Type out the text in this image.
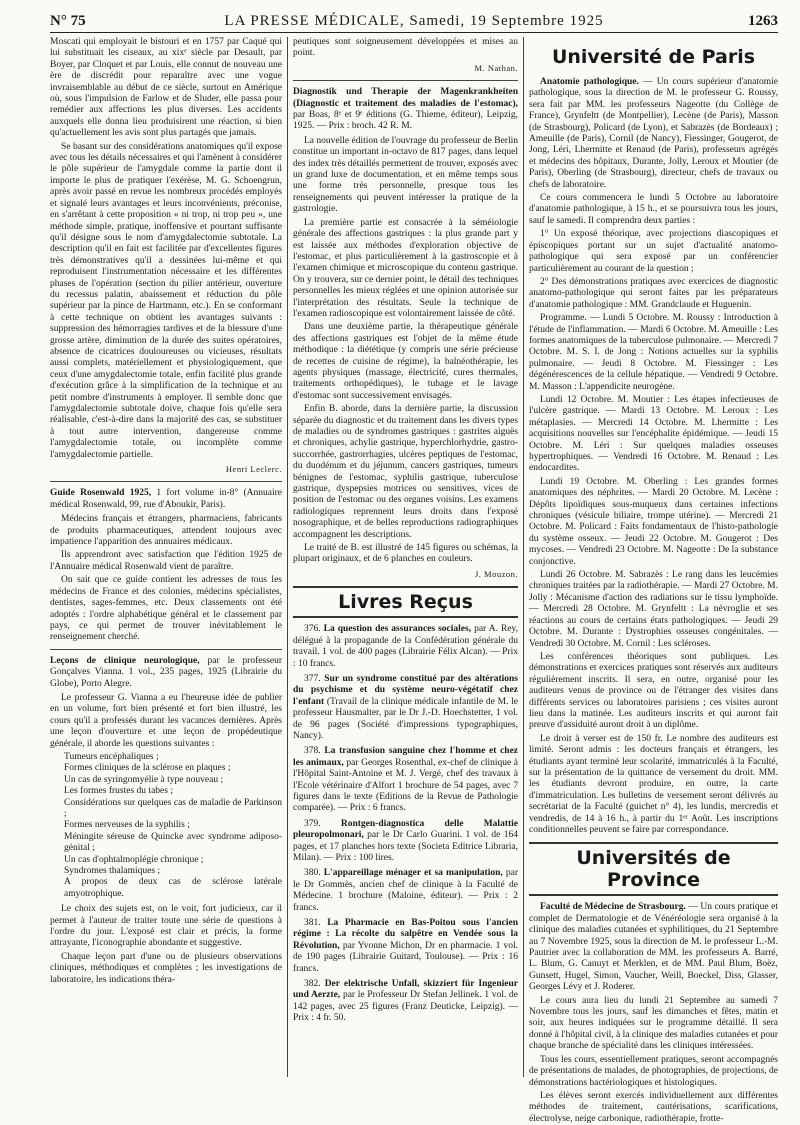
N° 75	LA PRESSE MÉDICALE, Samedi, 19 Septembre 1925	1263

Moscati qui employait le bistouri et en 1757 par Caqué qui lui substituait les ciseaux, au xixᵉ siècle par Desault, par Boyer, par Cloquet et par Louis, elle connut de nouveau une ère de discrédit pour reparaître avec une vogue invraisemblable au début de ce siècle, surtout en Amérique où, sous l'impulsion de Farlow et de Sluder, elle passa pour remédier aux affections les plus diverses. Les accidents auxquels elle donna lieu produisirent une réaction, si bien qu'actuellement les avis sont plus partagés que jamais.

Se basant sur des considérations anatomiques qu'il expose avec tous les détails nécessaires et qui l'amènent à considérer le pôle supérieur de l'amygdale comme la partie dont il importe le plus de pratiquer l'exérèse, M. G. Schoengrun, après avoir passé en revue les nombreux procédés employés et signalé leurs avantages et leurs inconvénients, préconise, en s'arrêtant à cette proposition « ni trop, ni trop peu », une méthode simple, pratique, inoffensive et pourtant suffisante qu'il désigne sous le nom d'amygdalectomie subtotale. La description qu'il en fait est facilitée par d'excellentes figures très démonstratives qu'il a dessinées lui-même et qui reproduisent l'instrumentation nécessaire et les différentes phases de l'opération (section du pilier antérieur, ouverture du recessus palatin, abaissement et réduction du pôle supérieur par la pince de Hartmann, etc.). En se conformant à cette technique on obtient les avantages suivants : suppression des hémorragies tardives et de la blessure d'une grosse artère, diminution de la durée des suites opératoires, absence de cicatrices douloureuses ou vicieuses, résultats aussi complets, matériellement et physiologiquement, que ceux d'une amygdalectomie totale, enfin facilité plus grande d'exécution grâce à la simplification de la technique et au petit nombre d'instruments à employer. Il semble donc que l'amygdalectomie subtotale doive, chaque fois qu'elle sera réalisable, c'est-à-dire dans la majorité des cas, se substituer à tout autre intervention, dangereuse comme l'amygdalectomie totale, ou incomplète comme l'amygdalectomie partielle.

Henri Leclerc.

Guide Rosenwald 1925, 1 fort volume in-8° (Annuaire médical Rosenwald, 99, rue d'Aboukir, Paris).

Médecins français et étrangers, pharmaciens, fabricants de produits pharmaceutiques, attendent toujours avec impatience l'apparition des annuaires médicaux.

Ils apprendront avec satisfaction que l'édition 1925 de l'Annuaire médical Rosenwald vient de paraître.

On sait que ce guide contient les adresses de tous les médecins de France et des colonies, médecins spécialistes, dentistes, sages-femmes, etc. Deux classements ont été adoptés : l'ordre alphabétique général et le classement par pays, ce qui permet de trouver inévitablement le renseignement cherché.

Leçons de clinique neurologique, par le professeur Gonçalves Vianna. 1 vol., 235 pages, 1925 (Librairie du Globe), Porto Alegre.

Le professeur G. Vianna a eu l'heureuse idée de publier en un volume, fort bien présenté et fort bien illustré, les cours qu'il a professés durant les vacances dernières. Après une leçon d'ouverture et une leçon de propédeutique générale, il aborde les questions suivantes :

Tumeurs encéphaliques ;
Formes cliniques de la sclérose en plaques ;
Un cas de syringomyélie à type nouveau ;
Les formes frustes du tabes ;
Considérations sur quelques cas de maladie de Parkinson ;
Formes nerveuses de la syphilis ;
Méningite séreuse de Quincke avec syndrome adiposo-génital ;
Un cas d'ophtalmoplégie chronique ;
Syndromes thalamiques ;
A propos de deux cas de sclérose latérale amyotrophique.

Le choix des sujets est, on le voit, fort judicieux, car il permet à l'auteur de traiter toute une série de questions à l'ordre du jour. L'exposé est clair et précis, la forme attrayante, l'iconographie abondante et suggestive.

Chaque leçon part d'une ou de plusieurs observations cliniques, méthodiques et complètes ; les investigations de laboratoire, les indications théra-

peutiques sont soigneusement développées et mises au point.

M. Nathan.

Diagnostik und Therapie der Magenkrankheiten (Diagnostic et traitement des maladies de l'estomac), par Boas, 8ᵉ et 9ᵉ éditions (G. Thieme, éditeur), Leipzig, 1925. — Prix : broch. 42 R. M.

La nouvelle édition de l'ouvrage du professeur de Berlin constitue un important in-octavo de 817 pages, dans lequel des index très détaillés permettent de trouver, exposés avec un grand luxe de documentation, et en même temps sous une forme très personnelle, presque tous les renseignements qui peuvent intéresser la pratique de la gastrologie.

La première partie est consacrée à la séméiologie générale des affections gastriques : la plus grande part y est laissée aux méthodes d'exploration objective de l'estomac, et plus particulièrement à la gastroscopie et à l'examen chimique et microscopique du contenu gastrique. On y trouvera, sur ce dernier point, le détail des techniques personnelles les mieux réglées et une opinion autorisée sur l'interprétation des résultats. Seule la technique de l'examen radioscopique est volontairement laissée de côté.

Dans une deuxième partie, la thérapeutique générale des affections gastriques est l'objet de la même étude méthodique : la diététique (y compris une série précieuse de recettes de cuisine de régime), la balnéothérapie, les agents physiques (massage, électricité, cures thermales, traitements orthopédiques), le tubage et le lavage d'estomac sont successivement envisagés.

Enfin B. aborde, dans la dernière partie, la discussion séparée du diagnostic et du traitement dans les divers types de maladies ou de syndromes gastriques : gastrites aiguës et chroniques, achylie gastrique, hyperchlorhydrie, gastro-succorrhée, gastrorrhagies, ulcères peptiques de l'estomac, du duodénum et du jéjunum, cancers gastriques, tumeurs bénignes de l'estomac, syphilis gastrique, tuberculose gastrique, dyspepsies motrices ou sensitives, vices de position de l'estomac ou des organes voisins. Les examens radiologiques reprennent leurs droits dans l'exposé nosographique, et de belles reproductions radiographiques accompagnent les descriptions.

Le traité de B. est illustré de 145 figures ou schémas, la plupart originaux, et de 6 planches en couleurs.

J. Mouzon.

Livres Reçus

376. La question des assurances sociales, par A. Rey, délégué à la propagande de la Confédération générale du travail. 1 vol. de 400 pages (Librairie Félix Alcan). — Prix : 10 francs.

377. Sur un syndrome constitué par des altérations du psychisme et du système neuro-végétatif chez l'enfant (Travail de la clinique médicale infantile de M. le professeur Hausmalter, par le Dr J.-D. Hoechstetter, 1 vol. de 96 pages (Société d'impressions typographiques, Nancy).

378. La transfusion sanguine chez l'homme et chez les animaux, par Georges Rosenthal, ex-chef de clinique à l'Hôpital Saint-Antoine et M. J. Vergé, chef des travaux à l'Ecole vétérinaire d'Alfort 1 brochure de 54 pages, avec 7 figures dans le texte (Editions de la Revue de Pathologie comparée). — Prix : 6 francs.

379. Rontgen-diagnostica delle Malattie pleuropolmonari, par le Dr Carlo Guarini. 1 vol. de 164 pages, et 17 planches hors texte (Societa Editrice Libraria, Milan). — Prix : 100 lires.

380. L'appareillage ménager et sa manipulation, par le Dr Gommès, ancien chef de clinique à la Faculté de Médecine. 1 brochure (Maloine, éditeur). — Prix : 2 francs.

381. La Pharmacie en Bas-Poitou sous l'ancien régime : La récolte du salpêtre en Vendée sous la Révolution, par Yvonne Michon, Dr en pharmacie. 1 vol. de 190 pages (Librairie Guitard, Toulouse). — Prix : 16 francs.

382. Der elektrische Unfall, skizziert für Ingenieur und Aerzte, par le Professeur Dr Stefan Jellinek. 1 vol. de 142 pages, avec 25 figures (Franz Deuticke, Leipzig). — Prix : 4 fr. 50.

Université de Paris

Anatomie pathologique. — Un cours supérieur d'anatomie pathologique, sous la direction de M. le professeur G. Roussy, sera fait par MM. les professeurs Nageotte (du Collège de France), Grynfeltt (de Montpellier), Lecène (de Paris), Masson (de Strasbourg), Policard (de Lyon), et Sabrazès (de Bordeaux) ; Ameuille (de Paris), Cornil (de Nancy), Fiessinger, Gougerot, de Jong, Léri, Lhermitte et Renaud (de Paris), professeurs agrégés et médecins des hôpitaux, Durante, Jolly, Leroux et Moutier (de Paris), Oberling (de Strasbourg), directeur, chefs de travaux ou chefs de laboratoire.

Ce cours commencera le lundi 5 Octobre au laboratoire d'anatomie pathologique, à 15 h., et se poursuivra tous les jours, sauf le samedi. Il comprendra deux parties :

1° Un exposé théorique, avec projections diascopiques et épiscopiques portant sur un sujet d'actualité anatomo-pathologique qui sera exposé par un conférencier particulièrement au courant de la question ;

2° Des démonstrations pratiques avec exercices de diagnostic anatomo-pathologique qui seront faites par les préparateurs d'anatomie pathologique : MM. Grandclaude et Huguenin.

Programme. — Lundi 5 Octobre. M. Roussy : Introduction à l'étude de l'inflammation. — Mardi 6 Octobre. M. Ameuille : Les formes anatomiques de la tuberculose pulmonaire. — Mercredi 7 Octobre. M. S. I. de Jong : Notions actuelles sur la syphilis pulmonaire. — Jeudi 8 Octobre. M. Fiessinger : Les dégénérescences de la cellule hépatique. — Vendredi 9 Octobre. M. Masson : L'appendicite neurogène.

Lundi 12 Octobre. M. Moutier : Les étapes infectieuses de l'ulcère gastrique. — Mardi 13 Octobre. M. Leroux : Les métaplasies. — Mercredi 14 Octobre. M. Lhermitte : Les acquisitions nouvelles sur l'encéphalite épidémique. — Jeudi 15 Octobre. M. Léri : Sur quelques maladies osseuses hypertrophiques. — Vendredi 16 Octobre. M. Renaud : Les endocardites.

Lundi 19 Octobre. M. Oberling : Les grandes formes anatomiques des néphrites. — Mardi 20 Octobre. M. Lecène : Dépôts lipoïdiques sous-muqueux dans certaines infections chroniques (vésicule biliaire, trompe utérine). — Mercredi 21 Octobre. M. Policard : Faits fondamentaux de l'histo-pathologie du système osseux. — Jeudi 22 Octobre. M. Gougerot : Des mycoses. — Vendredi 23 Octobre. M. Nageotte : De la substance conjonctive.

Lundi 26 Octobre. M. Sabrazès : Le rang dans les leucémies chroniques traitées par la radiothérapie. — Mardi 27 Octobre. M. Jolly : Mécanisme d'action des radiations sur le tissu lymphoïde. — Mercredi 28 Octobre. M. Grynfeltt : La névroglie et ses réactions au cours de certains états pathologiques. — Jeudi 29 Octobre. M. Durante : Dystrophies osseuses congénitales. — Vendredi 30 Octobre. M. Cornil : Les scléroses.

Les conférences théoriques sont publiques. Les démonstrations et exercices pratiques sont réservés aux auditeurs régulièrement inscrits. Il sera, en outre, organisé pour les auditeurs venus de province ou de l'étranger des visites dans différents services ou laboratoires parisiens ; ces visites auront lieu dans la matinée. Les auditeurs inscrits et qui auront fait preuve d'assiduité auront droit à un diplôme.

Le droit à verser est de 150 fr. Le nombre des auditeurs est limité. Seront admis : les docteurs français et étrangers, les étudiants ayant terminé leur scolarité, immatriculés à la Faculté, sur la présentation de la quittance de versement du droit. MM. les étudiants devront produire, en outre, la carte d'immatriculation. Les bulletins de versement seront délivrés au secrétariat de la Faculté (guichet n° 4), les lundis, mercredis et vendredis, de 14 à 16 h., à partir du 1ᵉʳ Août. Les inscriptions conditionnelles peuvent se faire par correspondance.

Universités de Province

Faculté de Médecine de Strasbourg. — Un cours pratique et complet de Dermatologie et de Vénéréologie sera organisé à la clinique des maladies cutanées et syphilitiques, du 21 Septembre au 7 Novembre 1925, sous la direction de M. le professeur L.-M. Pautrier avec la collaboration de MM. les professeurs A. Barré, L. Blum, G. Canuyt et Merklen, et de MM. Paul Blum, Boëz, Gunsett, Hugel, Simon, Vaucher, Weill, Boeckel, Diss, Glasser, Georges Lévy et J. Roderer.

Le cours aura lieu du lundi 21 Septembre au samedi 7 Novembre tous les jours, sauf les dimanches et fêtes, matin et soir, aux heures indiquées sur le programme détaillé. Il sera donné à l'hôpital civil, à la clinique des maladies cutanées et pour chaque branche de spécialité dans les cliniques intéressées.

Tous les cours, essentiellement pratiques, seront accompagnés de présentations de malades, de photographies, de projections, de démonstrations bactériologiques et histologiques.

Les élèves seront exercés individuellement aux différentes méthodes de traitement, cautérisations, scarifications, électrolyse, neige carbonique, radiothérapie, frotte-
